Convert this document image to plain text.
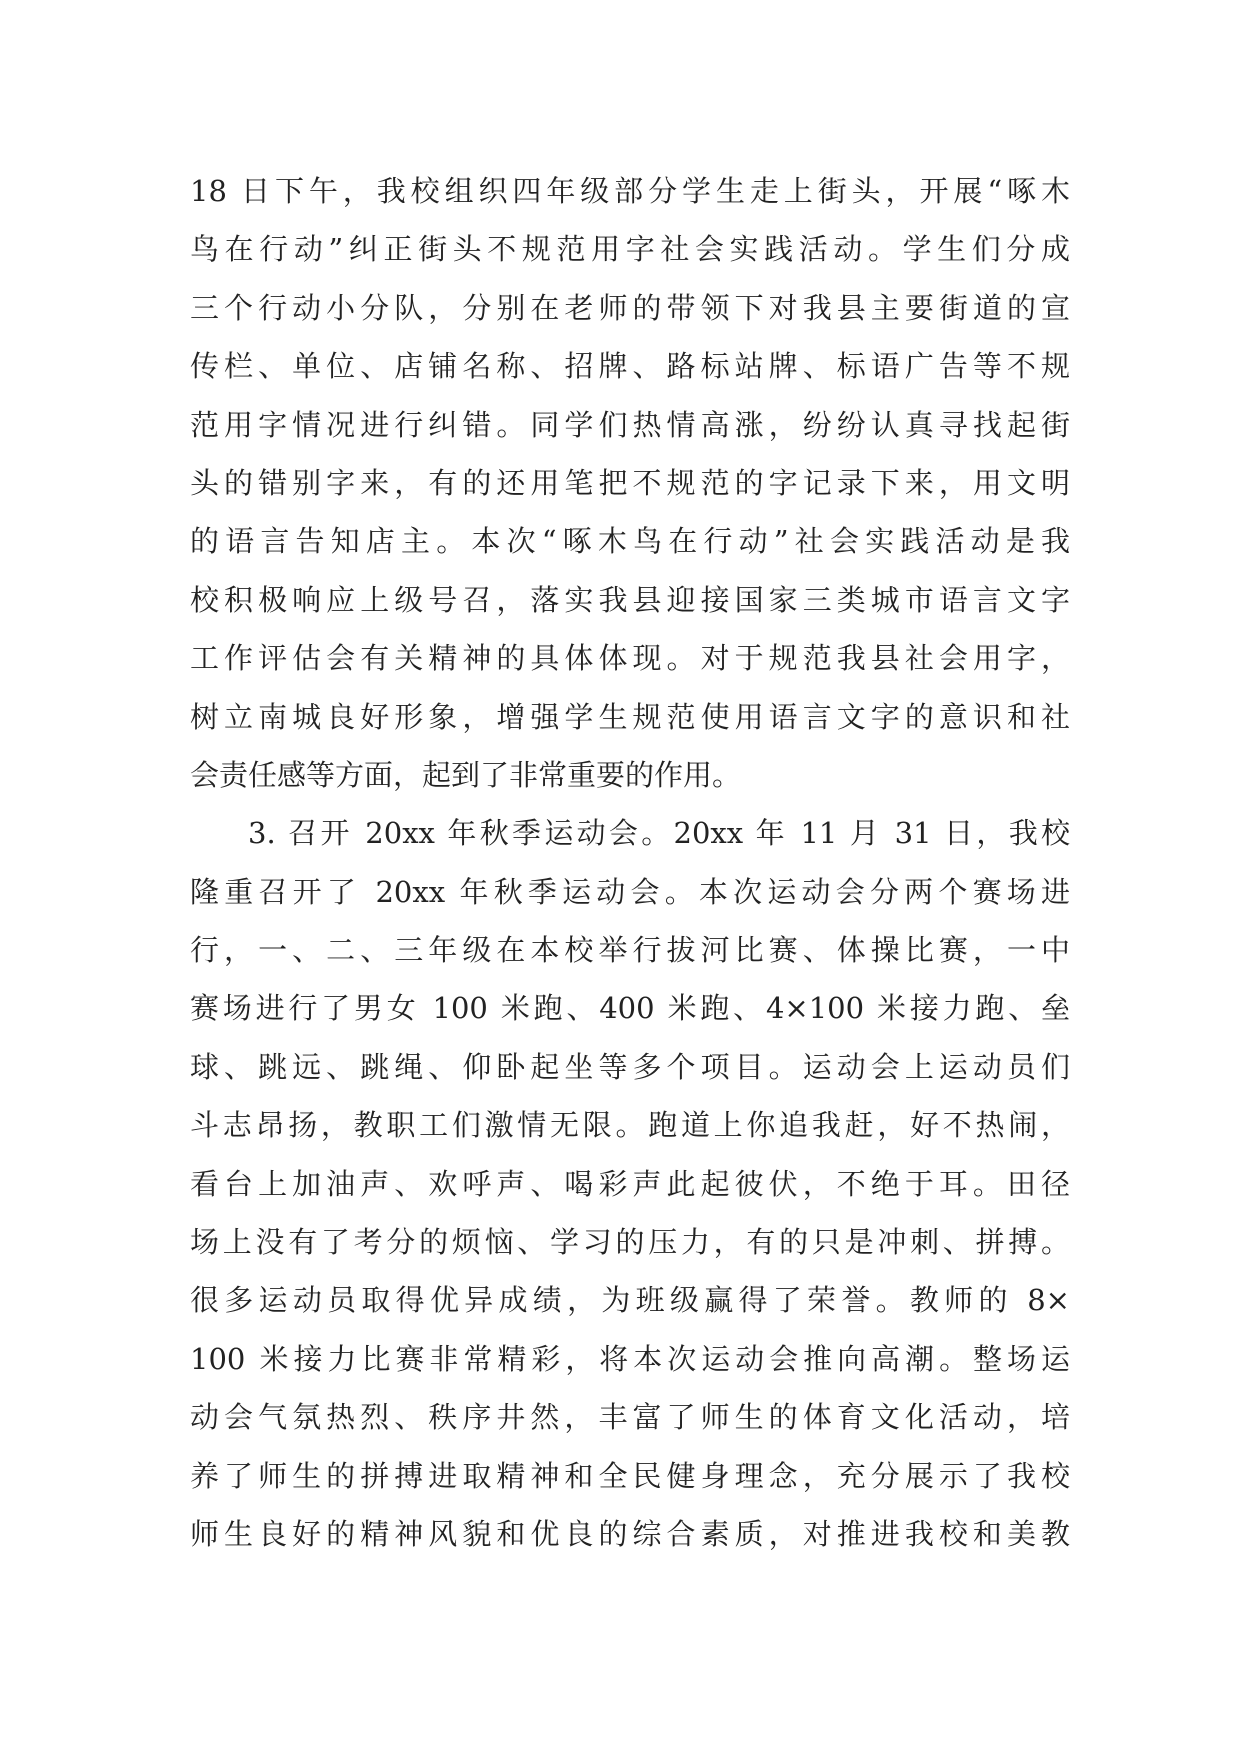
18 日下午，我校组织四年级部分学生走上街头，开展“啄木
鸟在行动”纠正街头不规范用字社会实践活动。学生们分成
三个行动小分队，分别在老师的带领下对我县主要街道的宣
传栏、单位、店铺名称、招牌、路标站牌、标语广告等不规
范用字情况进行纠错。同学们热情高涨，纷纷认真寻找起街
头的错别字来，有的还用笔把不规范的字记录下来，用文明
的语言告知店主。本次“啄木鸟在行动”社会实践活动是我
校积极响应上级号召，落实我县迎接国家三类城市语言文字
工作评估会有关精神的具体体现。对于规范我县社会用字，
树立南城良好形象，增强学生规范使用语言文字的意识和社
会责任感等方面，起到了非常重要的作用。
3. 召开 20xx 年秋季运动会。20xx 年 11 月 31 日，我校
隆重召开了 20xx 年秋季运动会。本次运动会分两个赛场进
行，一、二、三年级在本校举行拔河比赛、体操比赛，一中
赛场进行了男女 100 米跑、400 米跑、4×100 米接力跑、垒
球、跳远、跳绳、仰卧起坐等多个项目。运动会上运动员们
斗志昂扬，教职工们激情无限。跑道上你追我赶，好不热闹，
看台上加油声、欢呼声、喝彩声此起彼伏，不绝于耳。田径
场上没有了考分的烦恼、学习的压力，有的只是冲刺、拼搏。
很多运动员取得优异成绩，为班级赢得了荣誉。教师的 8×
100 米接力比赛非常精彩，将本次运动会推向高潮。整场运
动会气氛热烈、秩序井然，丰富了师生的体育文化活动，培
养了师生的拼搏进取精神和全民健身理念，充分展示了我校
师生良好的精神风貌和优良的综合素质，对推进我校和美教
